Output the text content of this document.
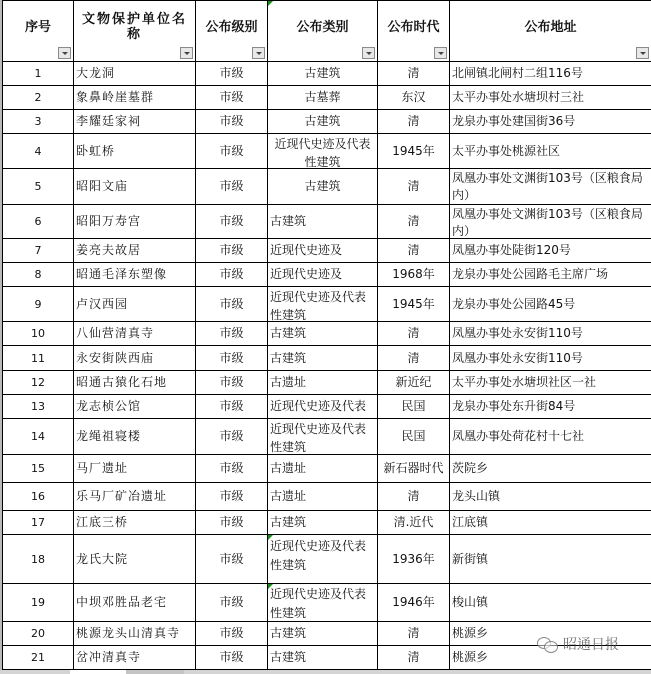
序号	文物保护单位名称	公布级别	公布类别	公布时代	公布地址

1	大龙洞	市级	古建筑	清	北闸镇北闸村二组116号
2	象鼻岭崖墓群	市级	古墓葬	东汉	太平办事处水塘坝村三社
3	李耀廷家祠	市级	古建筑	清	龙泉办事处建国街36号
4	卧虹桥	市级	近现代史迹及代表性建筑	1945年	太平办事处桃源社区
5	昭阳文庙	市级	古建筑	清	凤凰办事处文渊街103号（区粮食局内）

6	昭阳万寿宫	市级	古建筑	清	凤凰办事处文渊街103号（区粮食局内）

7	姜亮夫故居	市级	近现代史迹及	清	凤凰办事处陡街120号
8	昭通毛泽东塑像	市级	近现代史迹及	1968年	龙泉办事处公园路毛主席广场
9	卢汉西园	市级	近现代史迹及代表性建筑	1945年	龙泉办事处公园路45号
10	八仙营清真寺	市级	古建筑	清	凤凰办事处永安街110号
11	永安街陕西庙	市级	古建筑	清	凤凰办事处永安街110号
12	昭通古猿化石地	市级	古遗址	新近纪	太平办事处水塘坝社区一社
13	龙志桢公馆	市级	近现代史迹及代表	民国	龙泉办事处东升街84号
14	龙绳祖寝楼	市级	近现代史迹及代表性建筑	民国	凤凰办事处荷花村十七社
15	马厂遗址	市级	古遗址	新石器时代	茨院乡
16	乐马厂矿冶遗址	市级	古遗址	清	龙头山镇
17	江底三桥	市级	古建筑	清.近代	江底镇
18	龙氏大院	市级	近现代史迹及代表性建筑	1936年	新街镇
19	中坝邓胜品老宅	市级	近现代史迹及代表性建筑	1946年	梭山镇
20	桃源龙头山清真寺	市级	古建筑	清	桃源乡
21	岔冲清真寺	市级	古建筑	清	桃源乡
昭通日报
